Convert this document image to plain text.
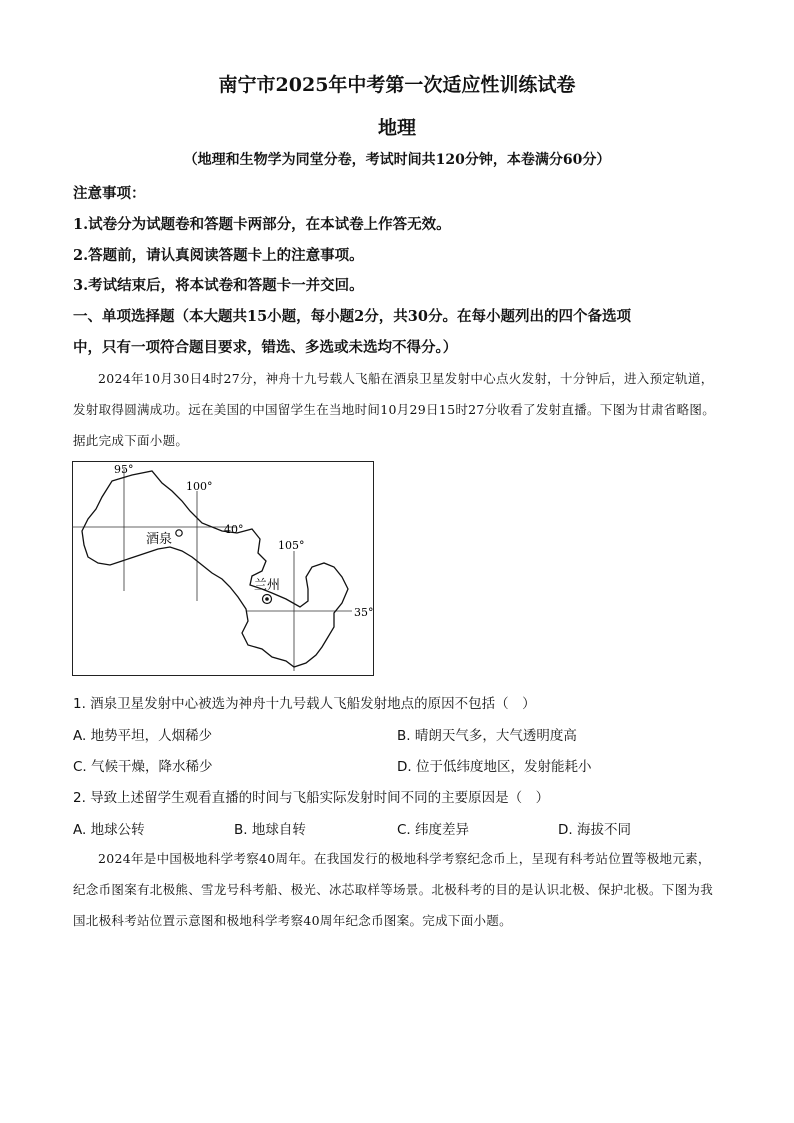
南宁市2025年中考第一次适应性训练试卷
地理
（地理和生物学为同堂分卷，考试时间共120分钟，本卷满分60分）
注意事项：
1.试卷分为试题卷和答题卡两部分，在本试卷上作答无效。
2.答题前，请认真阅读答题卡上的注意事项。
3.考试结束后，将本试卷和答题卡一并交回。
一、单项选择题（本大题共15小题，每小题2分，共30分。在每小题列出的四个备选项
中，只有一项符合题目要求，错选、多选或未选均不得分。）
2024年10月30日4时27分，神舟十九号载人飞船在酒泉卫星发射中心点火发射，十分钟后，进入预定轨道，发射取得圆满成功。远在美国的中国留学生在当地时间10月29日15时27分收看了发射直播。下图为甘肃省略图。据此完成下面小题。
95°
100°
40°
105°
35°
酒泉
兰州
1. 酒泉卫星发射中心被选为神舟十九号载人飞船发射地点的原因不包括（　）
A. 地势平坦，人烟稀少	B. 晴朗天气多，大气透明度高
C. 气候干燥，降水稀少	D. 位于低纬度地区，发射能耗小
2. 导致上述留学生观看直播的时间与飞船实际发射时间不同的主要原因是（　）
A. 地球公转	B. 地球自转	C. 纬度差异	D. 海拔不同
2024年是中国极地科学考察40周年。在我国发行的极地科学考察纪念币上，呈现有科考站位置等极地元素，纪念币图案有北极熊、雪龙号科考船、极光、冰芯取样等场景。北极科考的目的是认识北极、保护北极。下图为我国北极科考站位置示意图和极地科学考察40周年纪念币图案。完成下面小题。
